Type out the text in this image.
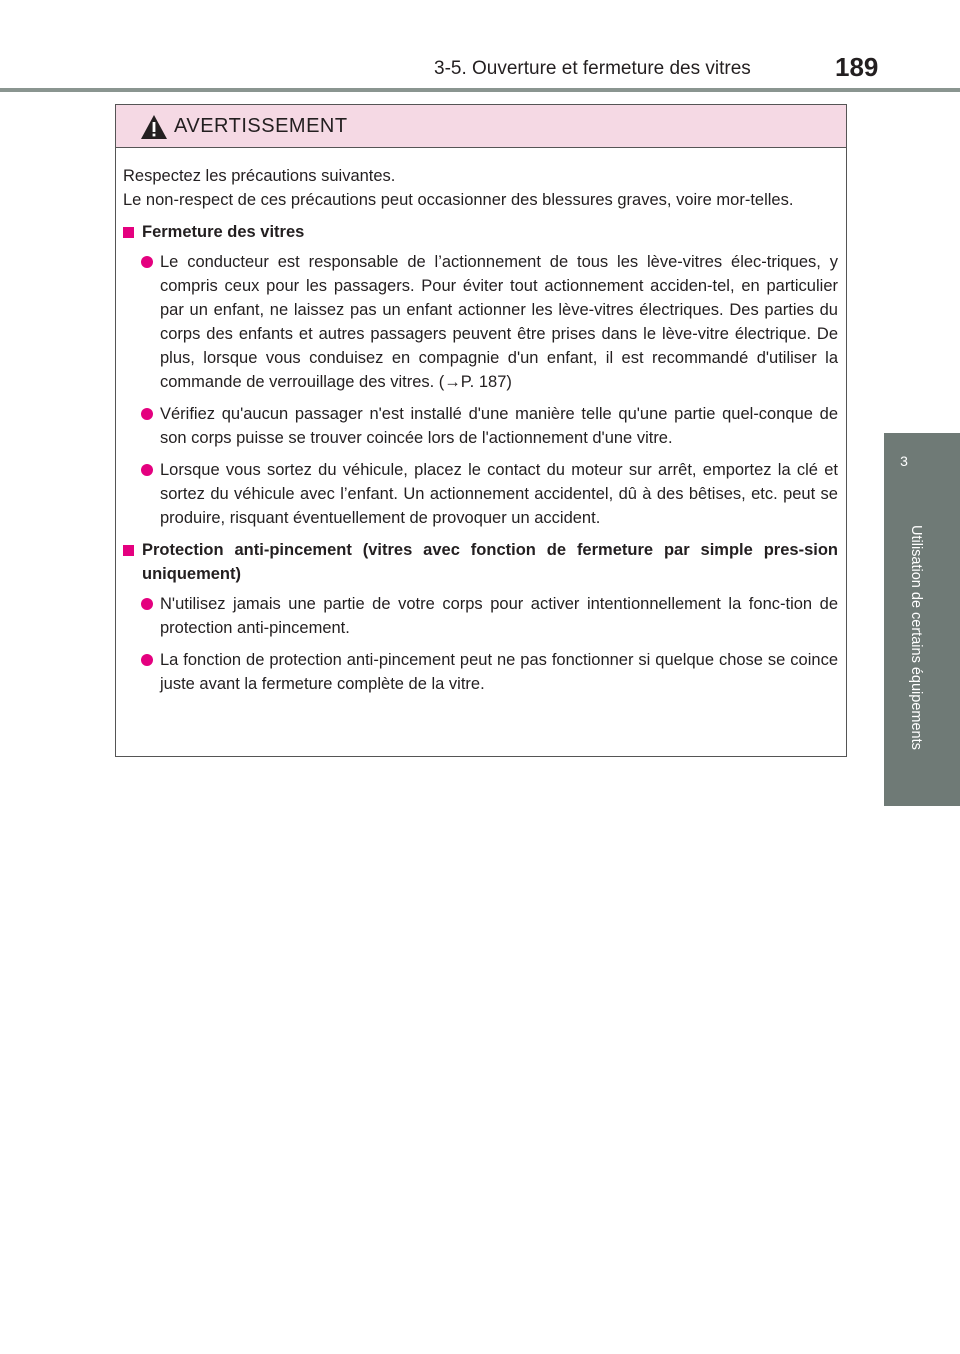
3-5. Ouverture et fermeture des vitres	189
3
Utilisation de certains équipements
AVERTISSEMENT

Respectez les précautions suivantes.

Le non-respect de ces précautions peut occasionner des blessures graves, voire mor-telles.

Fermeture des vitres
Le conducteur est responsable de l’actionnement de tous les lève-vitres élec-triques, y compris ceux pour les passagers. Pour éviter tout actionnement acciden-tel, en particulier par un enfant, ne laissez pas un enfant actionner les lève-vitres électriques. Des parties du corps des enfants et autres passagers peuvent être prises dans le lève-vitre électrique. De plus, lorsque vous conduisez en compagnie d'un enfant, il est recommandé d'utiliser la commande de verrouillage des vitres. (→P. 187)
Vérifiez qu'aucun passager n'est installé d'une manière telle qu'une partie quel-conque de son corps puisse se trouver coincée lors de l'actionnement d'une vitre.
Lorsque vous sortez du véhicule, placez le contact du moteur sur arrêt, emportez la clé et sortez du véhicule avec l’enfant. Un actionnement accidentel, dû à des bêtises, etc. peut se produire, risquant éventuellement de provoquer un accident.
Protection anti-pincement (vitres avec fonction de fermeture par simple pres-sion uniquement)
N'utilisez jamais une partie de votre corps pour activer intentionnellement la fonc-tion de protection anti-pincement.
La fonction de protection anti-pincement peut ne pas fonctionner si quelque chose se coince juste avant la fermeture complète de la vitre.
